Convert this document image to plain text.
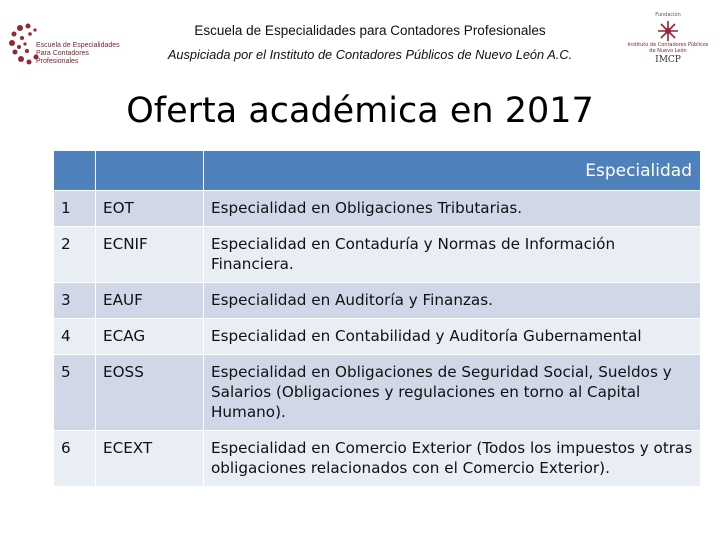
Escuela de Especialidades
Para Contadores Profesionales
Escuela de Especialidades para Contadores Profesionales
Auspiciada por el Instituto de Contadores Públicos de Nuevo León A.C.
Fundación
Instituto de Contadores Públicos
de Nuevo León
IMCP
Oferta académica en 2017
		Especialidad
1	EOT	Especialidad en Obligaciones Tributarias.
2	ECNIF	Especialidad en Contaduría y Normas de Información Financiera.
3	EAUF	Especialidad en Auditoría y Finanzas.
4	ECAG	Especialidad en Contabilidad y Auditoría Gubernamental
5	EOSS	Especialidad en Obligaciones de Seguridad Social, Sueldos y Salarios (Obligaciones y regulaciones en torno al Capital Humano).
6	ECEXT	Especialidad en Comercio Exterior (Todos los impuestos y otras obligaciones relacionados con el Comercio Exterior).
